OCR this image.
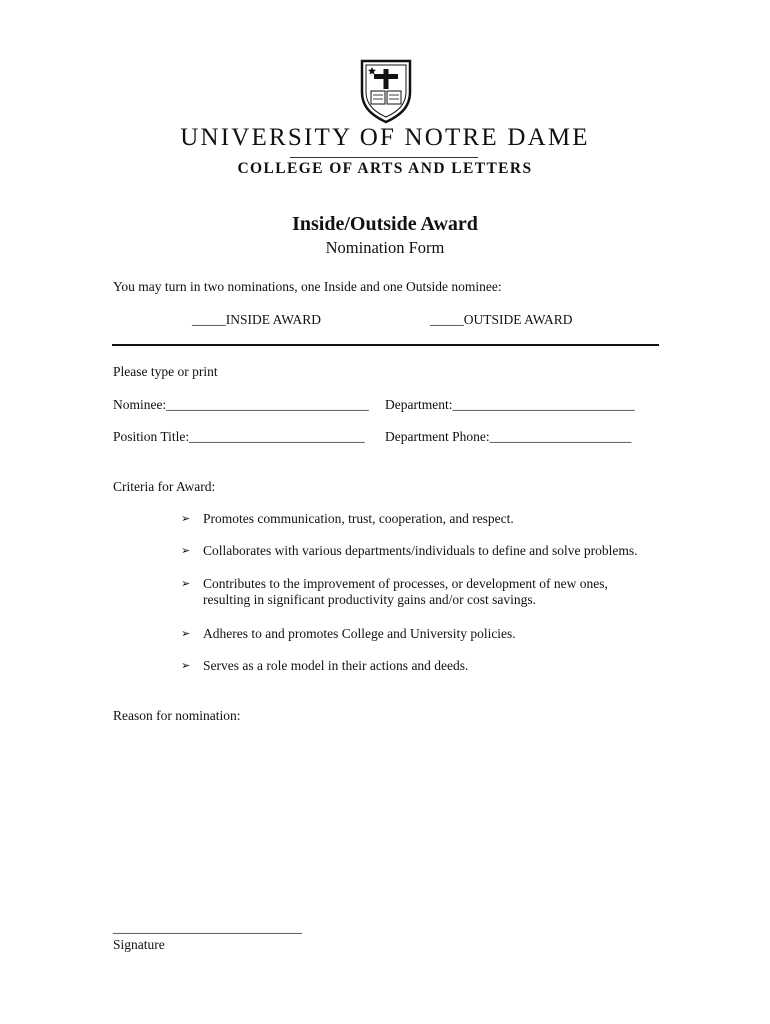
UNIVERSITY OF NOTRE DAME
COLLEGE OF ARTS AND LETTERS
Inside/Outside Award
Nomination Form
You may turn in two nominations, one Inside and one Outside nominee:
_____INSIDE AWARD	_____OUTSIDE AWARD
Please type or print
Nominee:______________________________ Department:___________________________
Position Title:__________________________ Department Phone:_____________________
Criteria for Award:
➢ Promotes communication, trust, cooperation, and respect.
➢ Collaborates with various departments/individuals to define and solve problems.
➢ Contributes to the improvement of processes, or development of new ones,
resulting in significant productivity gains and/or cost savings.
➢ Adheres to and promotes College and University policies.
➢ Serves as a role model in their actions and deeds.
Reason for nomination:
____________________________
Signature
